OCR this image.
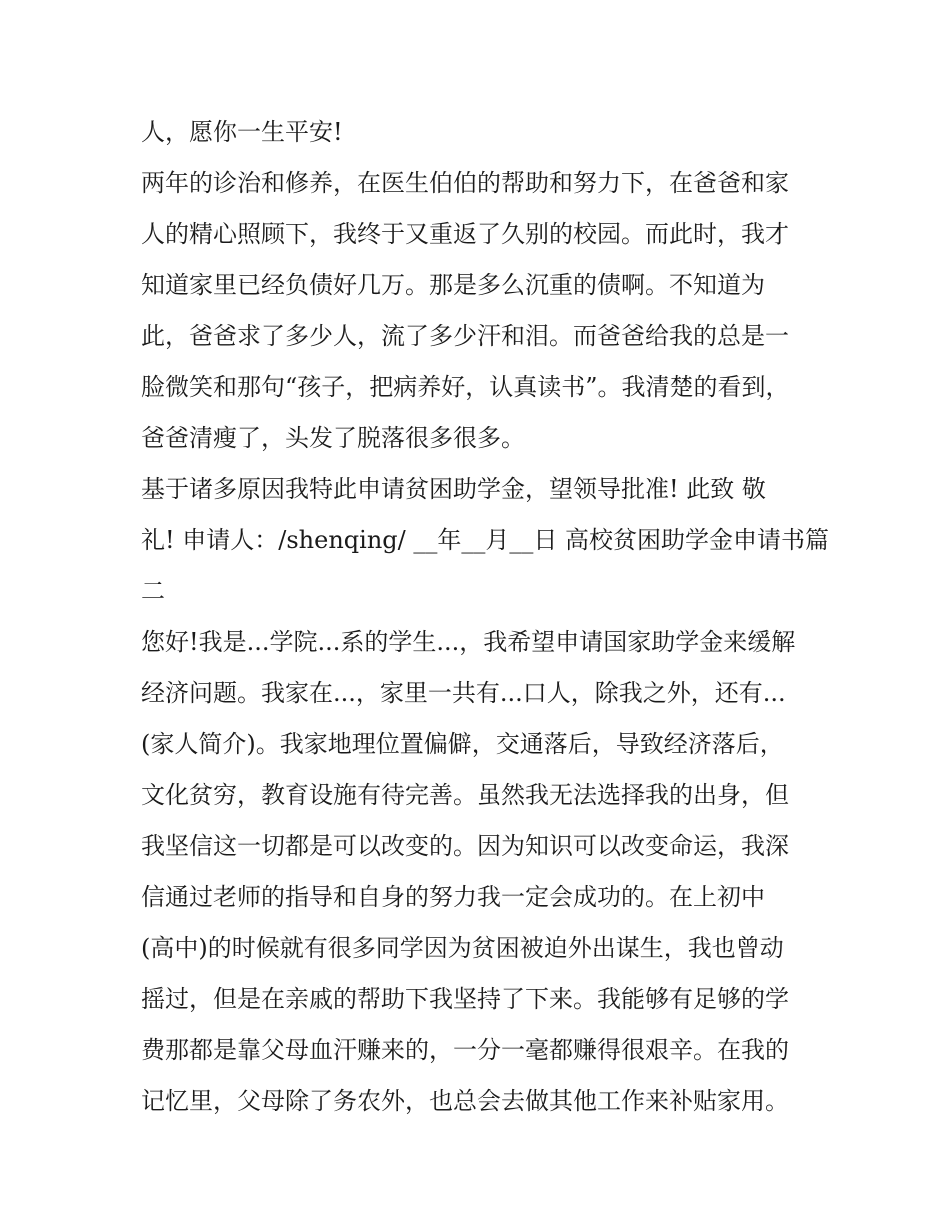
人，愿你一生平安!
两年的诊治和修养，在医生伯伯的帮助和努力下，在爸爸和家
人的精心照顾下，我终于又重返了久别的校园。而此时，我才
知道家里已经负债好几万。那是多么沉重的债啊。不知道为
此，爸爸求了多少人，流了多少汗和泪。而爸爸给我的总是一
脸微笑和那句“孩子，把病养好，认真读书”。我清楚的看到，
爸爸清瘦了，头发了脱落很多很多。
基于诸多原因我特此申请贫困助学金，望领导批准! 此致 敬
礼! 申请人：/shenqing/ __年__月__日 高校贫困助学金申请书篇
二
您好!我是...学院...系的学生...，我希望申请国家助学金来缓解
经济问题。我家在...，家里一共有...口人，除我之外，还有...
(家人简介)。我家地理位置偏僻，交通落后，导致经济落后，
文化贫穷，教育设施有待完善。虽然我无法选择我的出身，但
我坚信这一切都是可以改变的。因为知识可以改变命运，我深
信通过老师的指导和自身的努力我一定会成功的。在上初中
(高中)的时候就有很多同学因为贫困被迫外出谋生，我也曾动
摇过，但是在亲戚的帮助下我坚持了下来。我能够有足够的学
费那都是靠父母血汗赚来的，一分一毫都赚得很艰辛。在我的
记忆里，父母除了务农外，也总会去做其他工作来补贴家用。
